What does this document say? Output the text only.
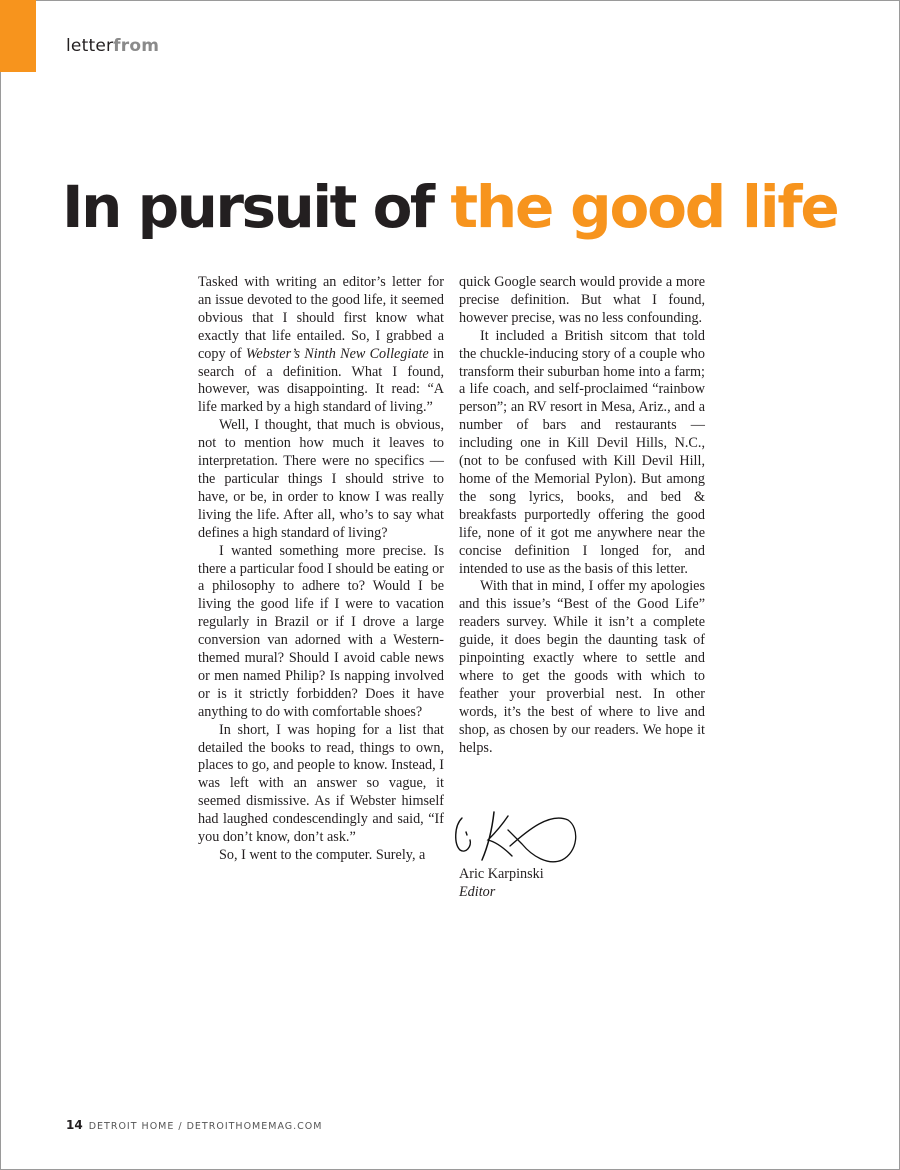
letterfrom
In pursuit of the good life

Tasked with writing an editor’s letter for an issue devoted to the good life, it seemed obvious that I should first know what exactly that life entailed. So, I grabbed a copy of Webster’s Ninth New Collegiate in search of a definition. What I found, however, was disappointing. It read: “A life marked by a high standard of living.”

Well, I thought, that much is obvious, not to mention how much it leaves to interpretation. There were no specifics — the particular things I should strive to have, or be, in order to know I was really living the life. After all, who’s to say what defines a high standard of living?

I wanted something more precise. Is there a particular food I should be eating or a philosophy to adhere to? Would I be living the good life if I were to vacation regularly in Brazil or if I drove a large conversion van adorned with a Western-themed mural? Should I avoid cable news or men named Philip? Is napping involved or is it strictly forbidden? Does it have anything to do with comfortable shoes?

In short, I was hoping for a list that detailed the books to read, things to own, places to go, and people to know. Instead, I was left with an answer so vague, it seemed dismissive. As if Webster himself had laughed condescendingly and said, “If you don’t know, don’t ask.”

So, I went to the computer. Surely, a

quick Google search would provide a more precise definition. But what I found, however precise, was no less confounding.

It included a British sitcom that told the chuckle-inducing story of a couple who transform their suburban home into a farm; a life coach, and self-proclaimed “rainbow person”; an RV resort in Mesa, Ariz., and a number of bars and restaurants — including one in Kill Devil Hills, N.C., (not to be confused with Kill Devil Hill, home of the Memorial Pylon). But among the song lyrics, books, and bed & breakfasts purportedly offering the good life, none of it got me anywhere near the concise definition I longed for, and intended to use as the basis of this letter.

With that in mind, I offer my apologies and this issue’s “Best of the Good Life” readers survey. While it isn’t a complete guide, it does begin the daunting task of pinpointing exactly where to settle and where to get the goods with which to feather your proverbial nest. In other words, it’s the best of where to live and shop, as chosen by our readers. We hope it helps.

Aric Karpinski
Editor
14 DETROIT HOME / DETROITHOMEMAG.COM
